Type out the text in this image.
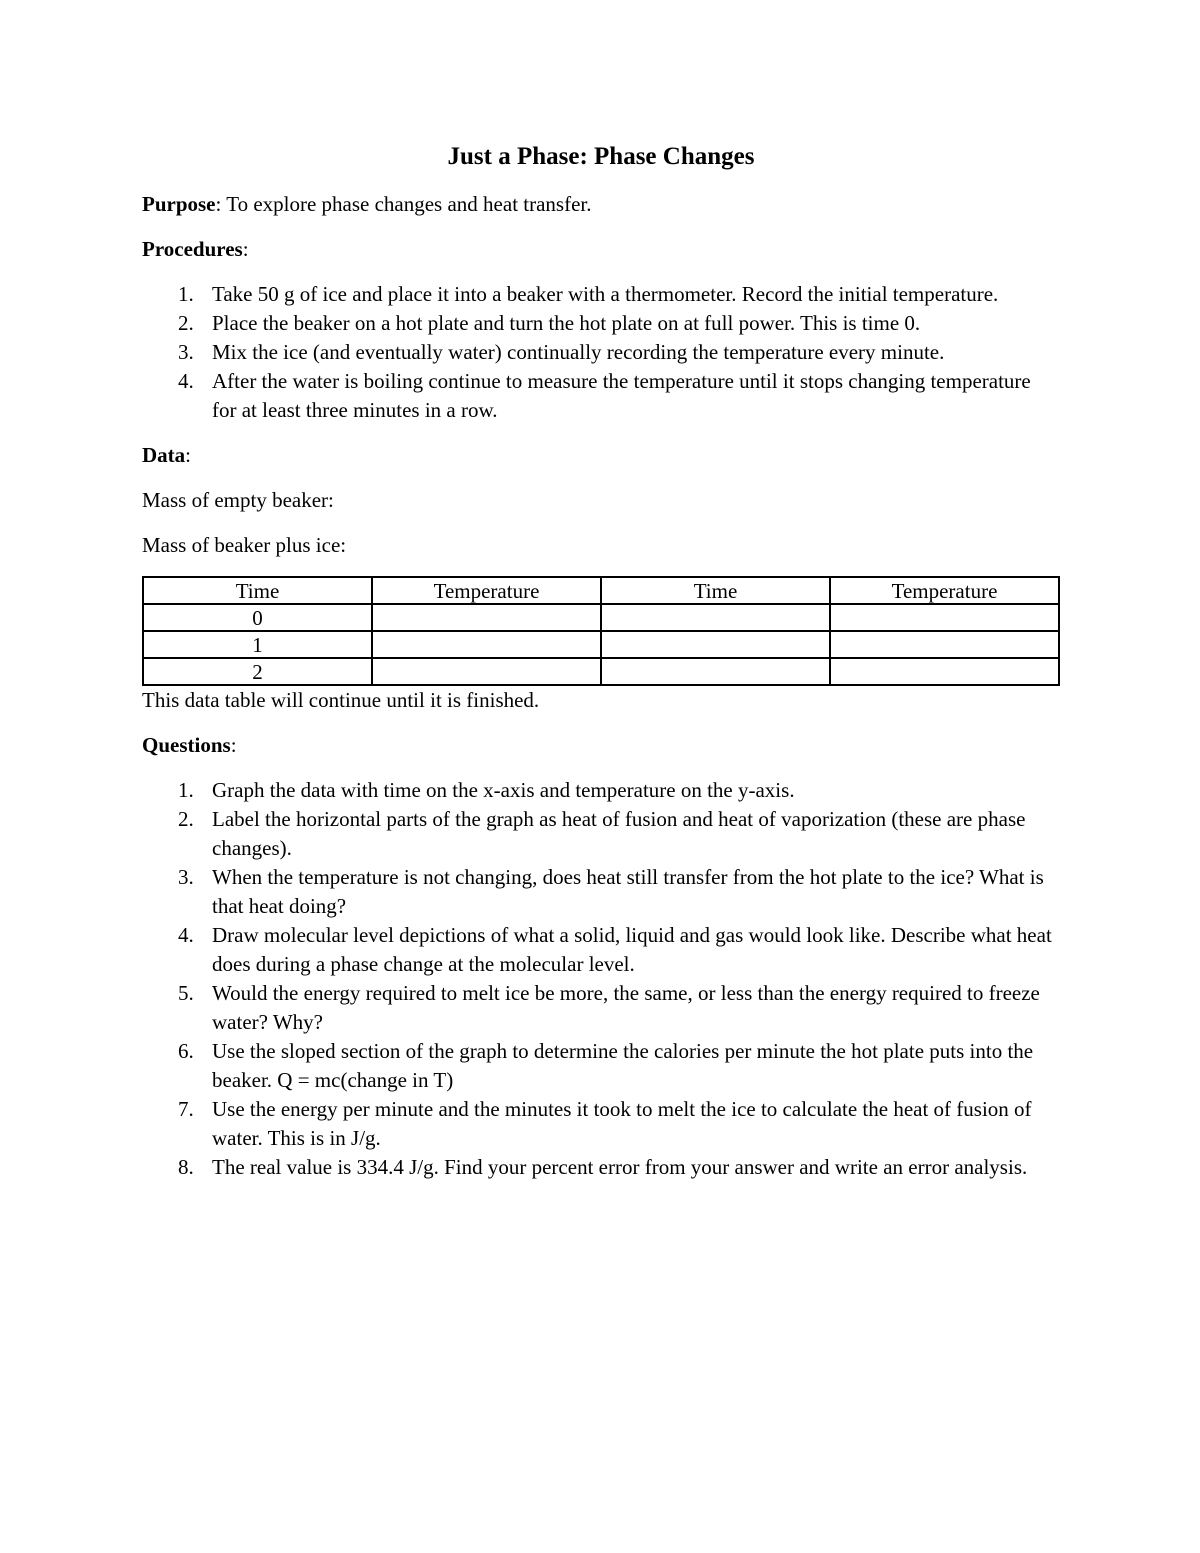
Just a Phase: Phase Changes
Purpose: To explore phase changes and heat transfer.
Procedures:
1. Take 50 g of ice and place it into a beaker with a thermometer. Record the initial temperature.
2. Place the beaker on a hot plate and turn the hot plate on at full power. This is time 0.
3. Mix the ice (and eventually water) continually recording the temperature every minute.
4. After the water is boiling continue to measure the temperature until it stops changing temperature for at least three minutes in a row.
Data:
Mass of empty beaker:
Mass of beaker plus ice:
Time	Temperature	Time	Temperature
0			
1			
2			
This data table will continue until it is finished.
Questions:
1. Graph the data with time on the x-axis and temperature on the y-axis.
2. Label the horizontal parts of the graph as heat of fusion and heat of vaporization (these are phase changes).
3. When the temperature is not changing, does heat still transfer from the hot plate to the ice? What is that heat doing?
4. Draw molecular level depictions of what a solid, liquid and gas would look like. Describe what heat does during a phase change at the molecular level.
5. Would the energy required to melt ice be more, the same, or less than the energy required to freeze water? Why?
6. Use the sloped section of the graph to determine the calories per minute the hot plate puts into the beaker. Q = mc(change in T)
7. Use the energy per minute and the minutes it took to melt the ice to calculate the heat of fusion of water. This is in J/g.
8. The real value is 334.4 J/g. Find your percent error from your answer and write an error analysis.
